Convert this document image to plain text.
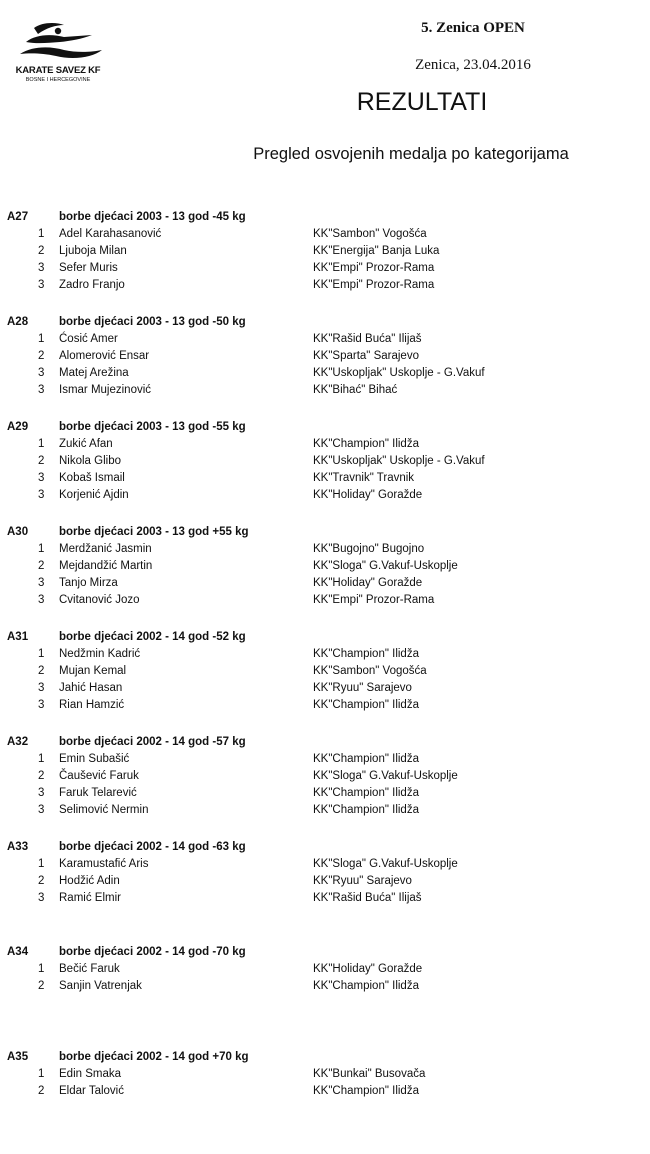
KARATE SAVEZ KF
BOSNE I HERCEGOVINE
5. Zenica OPEN
Zenica, 23.04.2016
REZULTATI
Pregled osvojenih medalja po kategorijama
A27	borbe djećaci 2003 - 13 god -45 kg
1 Adel Karahasanović	KK"Sambon" Vogošća
2 Ljuboja Milan	KK"Energija" Banja Luka
3 Sefer Muris	KK"Empi" Prozor-Rama
3 Zadro Franjo	KK"Empi" Prozor-Rama
A28	borbe djećaci 2003 - 13 god -50 kg
1 Ćosić Amer	KK"Rašid Buća" Ilijaš
2 Alomerović Ensar	KK"Sparta" Sarajevo
3 Matej Arežina	KK"Uskopljak" Uskoplje - G.Vakuf
3 Ismar Mujezinović	KK"Bihać" Bihać
A29	borbe djećaci 2003 - 13 god -55 kg
1 Zukić Afan	KK"Champion" Ilidža
2 Nikola Glibo	KK"Uskopljak" Uskoplje - G.Vakuf
3 Kobaš Ismail	KK"Travnik" Travnik
3 Korjenić Ajdin	KK"Holiday" Goražde
A30	borbe djećaci 2003 - 13 god +55 kg
1 Merdžanić Jasmin	KK"Bugojno" Bugojno
2 Mejdandžić Martin	KK"Sloga" G.Vakuf-Uskoplje
3 Tanjo Mirza	KK"Holiday" Goražde
3 Cvitanović Jozo	KK"Empi" Prozor-Rama
A31	borbe djećaci 2002 - 14 god -52 kg
1 Nedžmin Kadrić	KK"Champion" Ilidža
2 Mujan Kemal	KK"Sambon" Vogošća
3 Jahić Hasan	KK"Ryuu" Sarajevo
3 Rian Hamzić	KK"Champion" Ilidža
A32	borbe djećaci 2002 - 14 god -57 kg
1 Emin Subašić	KK"Champion" Ilidža
2 Čaušević Faruk	KK"Sloga" G.Vakuf-Uskoplje
3 Faruk Telarević	KK"Champion" Ilidža
3 Selimović Nermin	KK"Champion" Ilidža
A33	borbe djećaci 2002 - 14 god -63 kg
1 Karamustafić Aris	KK"Sloga" G.Vakuf-Uskoplje
2 Hodžić Adin	KK"Ryuu" Sarajevo
3 Ramić Elmir	KK"Rašid Buća" Ilijaš
A34	borbe djećaci 2002 - 14 god -70 kg
1 Bečić Faruk	KK"Holiday" Goražde
2 Sanjin Vatrenjak	KK"Champion" Ilidža
A35	borbe djećaci 2002 - 14 god +70 kg
1 Edin Smaka	KK"Bunkai" Busovača
2 Eldar Talović	KK"Champion" Ilidža
